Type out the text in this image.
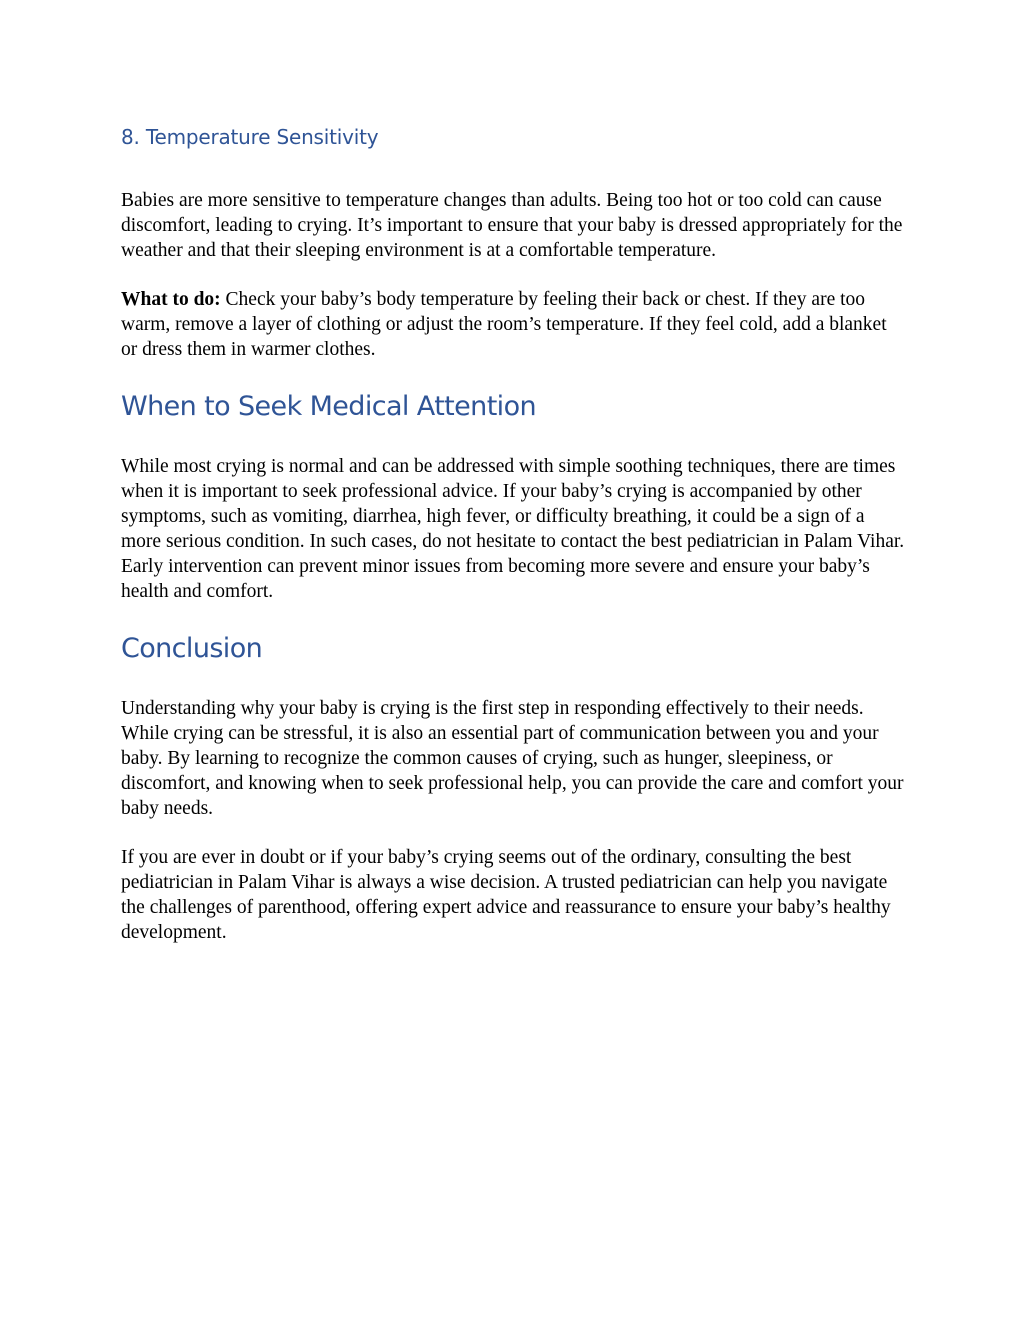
8. Temperature Sensitivity

Babies are more sensitive to temperature changes than adults. Being too hot or too cold can cause discomfort, leading to crying. It’s important to ensure that your baby is dressed appropriately for the weather and that their sleeping environment is at a comfortable temperature.

What to do: Check your baby’s body temperature by feeling their back or chest. If they are too warm, remove a layer of clothing or adjust the room’s temperature. If they feel cold, add a blanket or dress them in warmer clothes.

When to Seek Medical Attention

While most crying is normal and can be addressed with simple soothing techniques, there are times when it is important to seek professional advice. If your baby’s crying is accompanied by other symptoms, such as vomiting, diarrhea, high fever, or difficulty breathing, it could be a sign of a more serious condition. In such cases, do not hesitate to contact the best pediatrician in Palam Vihar. Early intervention can prevent minor issues from becoming more severe and ensure your baby’s health and comfort.

Conclusion

Understanding why your baby is crying is the first step in responding effectively to their needs. While crying can be stressful, it is also an essential part of communication between you and your baby. By learning to recognize the common causes of crying, such as hunger, sleepiness, or discomfort, and knowing when to seek professional help, you can provide the care and comfort your baby needs.

If you are ever in doubt or if your baby’s crying seems out of the ordinary, consulting the best pediatrician in Palam Vihar is always a wise decision. A trusted pediatrician can help you navigate the challenges of parenthood, offering expert advice and reassurance to ensure your baby’s healthy development.
